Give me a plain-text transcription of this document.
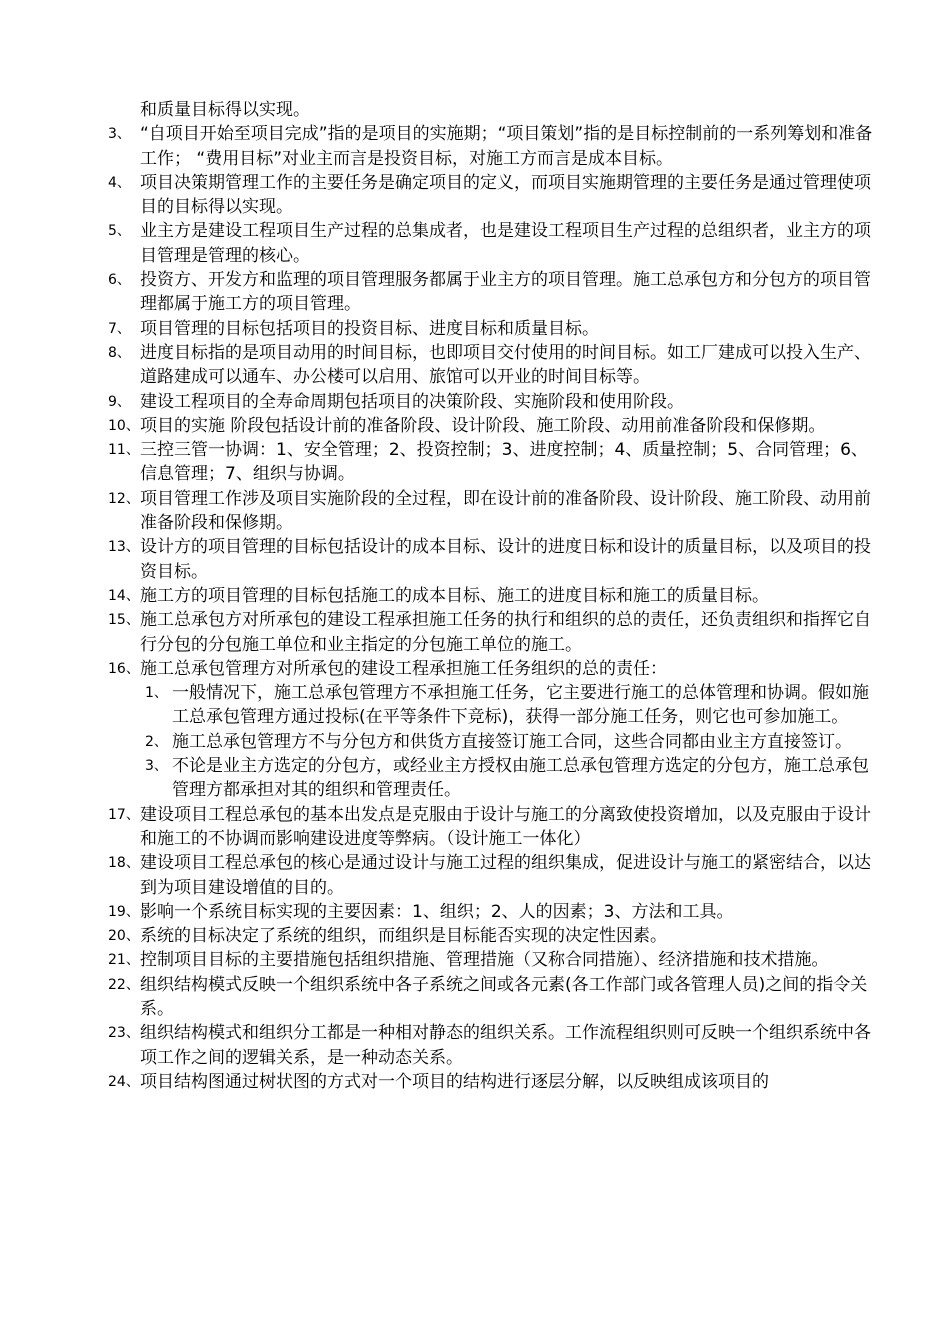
和质量目标得以实现。
3、 “自项目开始至项目完成”指的是项目的实施期；“项目策划”指的是目标控制前的一系列筹划和准备工作； “费用目标”对业主而言是投资目标，对施工方而言是成本目标。
4、 项目决策期管理工作的主要任务是确定项目的定义，而项目实施期管理的主要任务是通过管理使项目的目标得以实现。
5、 业主方是建设工程项目生产过程的总集成者，也是建设工程项目生产过程的总组织者，业主方的项目管理是管理的核心。
6、 投资方、开发方和监理的项目管理服务都属于业主方的项目管理。施工总承包方和分包方的项目管理都属于施工方的项目管理。
7、 项目管理的目标包括项目的投资目标、进度目标和质量目标。
8、 进度目标指的是项目动用的时间目标，也即项目交付使用的时间目标。如工厂建成可以投入生产、道路建成可以通车、办公楼可以启用、旅馆可以开业的时间目标等。
9、 建设工程项目的全寿命周期包括项目的决策阶段、实施阶段和使用阶段。
10、 项目的实施 阶段包括设计前的准备阶段、设计阶段、施工阶段、动用前准备阶段和保修期。
11、 三控三管一协调：1、安全管理；2、投资控制；3、进度控制；4、质量控制；5、合同管理；6、信息管理；7、组织与协调。
12、 项目管理工作涉及项目实施阶段的全过程，即在设计前的准备阶段、设计阶段、施工阶段、动用前准备阶段和保修期。
13、 设计方的项目管理的目标包括设计的成本目标、设计的进度日标和设计的质量目标，以及项目的投资目标。
14、 施工方的项目管理的目标包括施工的成本目标、施工的进度目标和施工的质量目标。
15、 施工总承包方对所承包的建设工程承担施工任务的执行和组织的总的责任，还负责组织和指挥它自行分包的分包施工单位和业主指定的分包施工单位的施工。
16、 施工总承包管理方对所承包的建设工程承担施工任务组织的总的责任：
1、 一般情况下，施工总承包管理方不承担施工任务，它主要进行施工的总体管理和协调。假如施工总承包管理方通过投标(在平等条件下竞标)，获得一部分施工任务，则它也可参加施工。
2、 施工总承包管理方不与分包方和供货方直接签订施工合同，这些合同都由业主方直接签订。
3、 不论是业主方选定的分包方，或经业主方授权由施工总承包管理方选定的分包方，施工总承包管理方都承担对其的组织和管理责任。
17、 建设项目工程总承包的基本出发点是克服由于设计与施工的分离致使投资增加，以及克服由于设计和施工的不协调而影响建设进度等弊病。（设计施工一体化）
18、 建设项目工程总承包的核心是通过设计与施工过程的组织集成，促进设计与施工的紧密结合，以达到为项目建设增值的目的。
19、 影响一个系统目标实现的主要因素：1、组织；2、人的因素；3、方法和工具。
20、 系统的目标决定了系统的组织，而组织是目标能否实现的决定性因素。
21、 控制项目目标的主要措施包括组织措施、管理措施（又称合同措施）、经济措施和技术措施。
22、 组织结构模式反映一个组织系统中各子系统之间或各元素(各工作部门或各管理人员)之间的指令关系。
23、 组织结构模式和组织分工都是一种相对静态的组织关系。工作流程组织则可反映一个组织系统中各项工作之间的逻辑关系，是一种动态关系。
24、 项目结构图通过树状图的方式对一个项目的结构进行逐层分解，以反映组成该项目的
